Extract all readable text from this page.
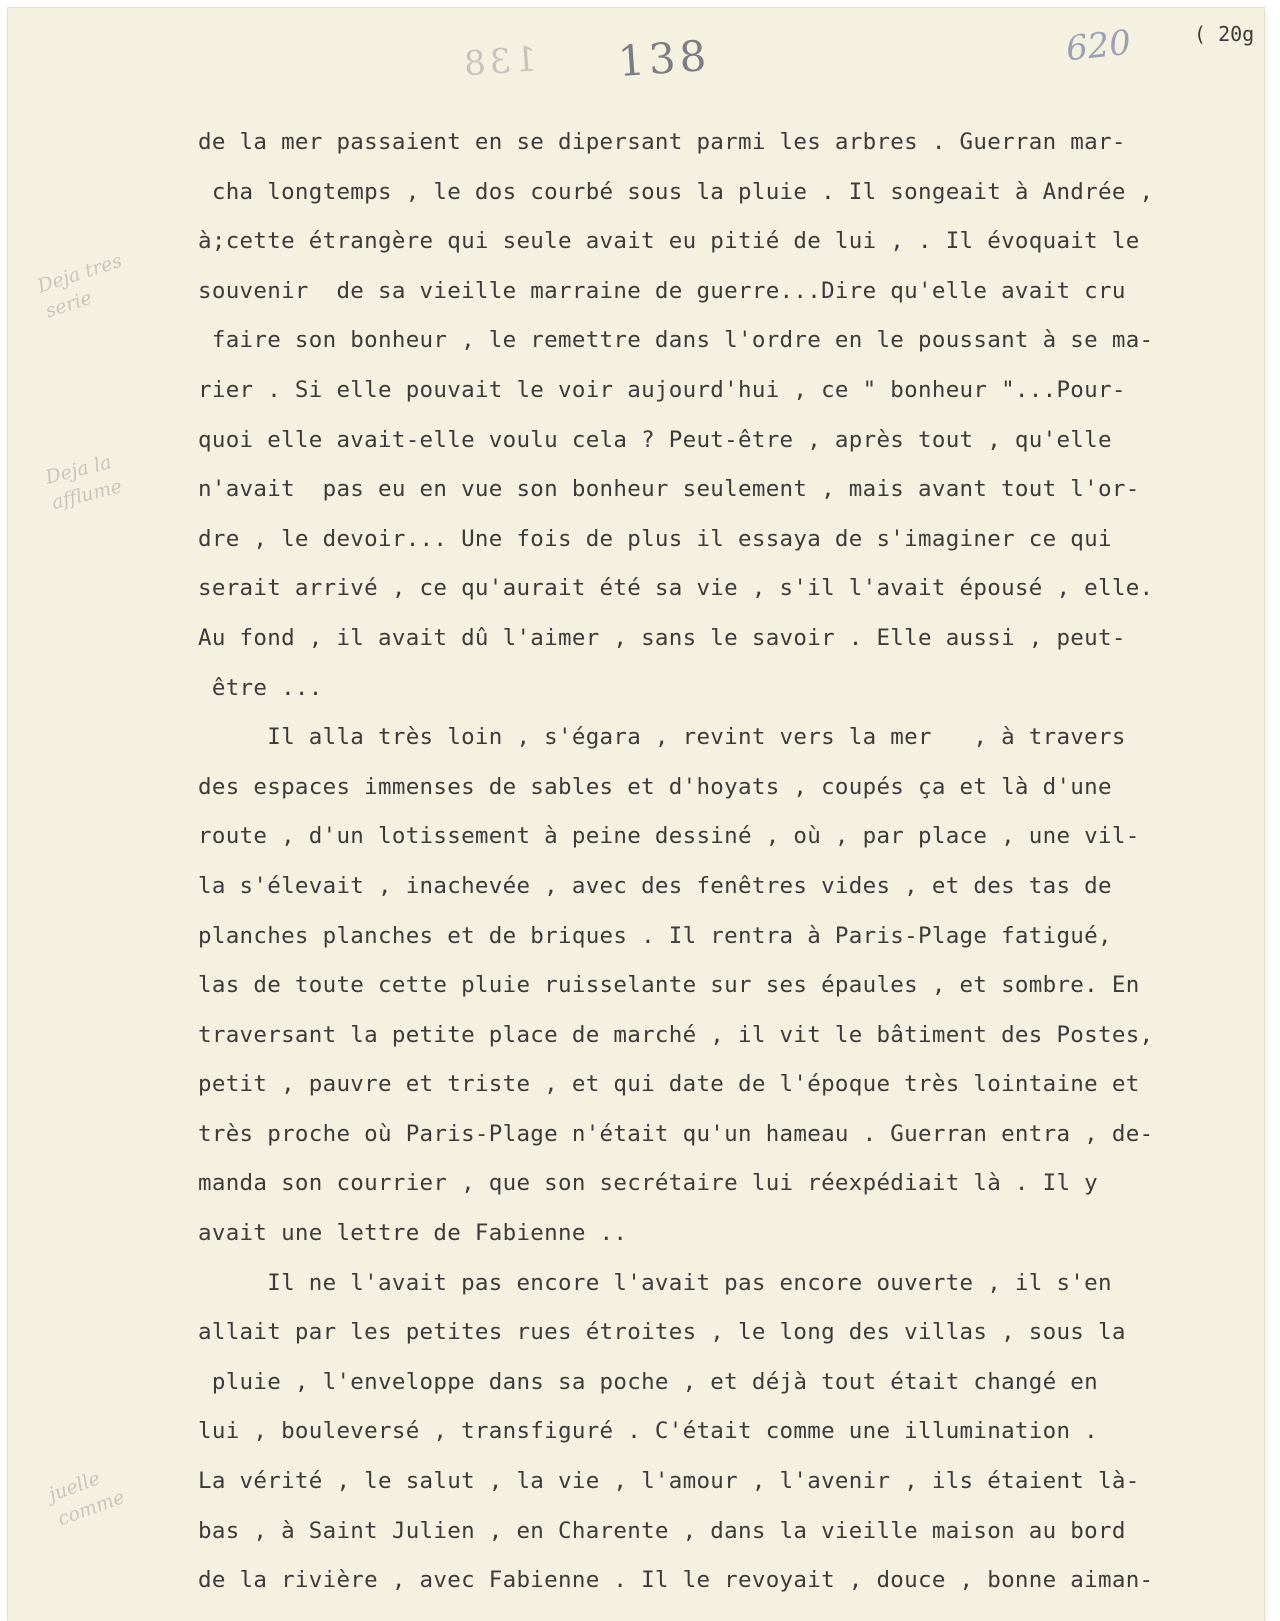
138 138	620	( 20g
Deja tres
serie
Deja la
afflume
juelle
comme
de la mer passaient en se dipersant parmi les arbres . Guerran mar-
cha longtemps , le dos courbé sous la pluie . Il songeait à Andrée ,
à;cette étrangère qui seule avait eu pitié de lui , . Il évoquait le
souvenir  de sa vieille marraine de guerre...Dire qu'elle avait cru
faire son bonheur , le remettre dans l'ordre en le poussant à se ma-
rier . Si elle pouvait le voir aujourd'hui , ce " bonheur "...Pour-
quoi elle avait-elle voulu cela ? Peut-être , après tout , qu'elle
n'avait  pas eu en vue son bonheur seulement , mais avant tout l'or-
dre , le devoir... Une fois de plus il essaya de s'imaginer ce qui
serait arrivé , ce qu'aurait été sa vie , s'il l'avait épousé , elle.
Au fond , il avait dû l'aimer , sans le savoir . Elle aussi , peut-
être ...
Il alla très loin , s'égara , revint vers la mer   , à travers
des espaces immenses de sables et d'hoyats , coupés ça et là d'une
route , d'un lotissement à peine dessiné , où , par place , une vil-
la s'élevait , inachevée , avec des fenêtres vides , et des tas de
planches planches et de briques . Il rentra à Paris-Plage fatigué,
las de toute cette pluie ruisselante sur ses épaules , et sombre. En
traversant la petite place de marché , il vit le bâtiment des Postes,
petit , pauvre et triste , et qui date de l'époque très lointaine et
très proche où Paris-Plage n'était qu'un hameau . Guerran entra , de-
manda son courrier , que son secrétaire lui réexpédiait là . Il y
avait une lettre de Fabienne ..
Il ne l'avait pas encore l'avait pas encore ouverte , il s'en
allait par les petites rues étroites , le long des villas , sous la
pluie , l'enveloppe dans sa poche , et déjà tout était changé en
lui , bouleversé , transfiguré . C'était comme une illumination .
La vérité , le salut , la vie , l'amour , l'avenir , ils étaient là-
bas , à Saint Julien , en Charente , dans la vieille maison au bord
de la rivière , avec Fabienne . Il le revoyait , douce , bonne aiman-
